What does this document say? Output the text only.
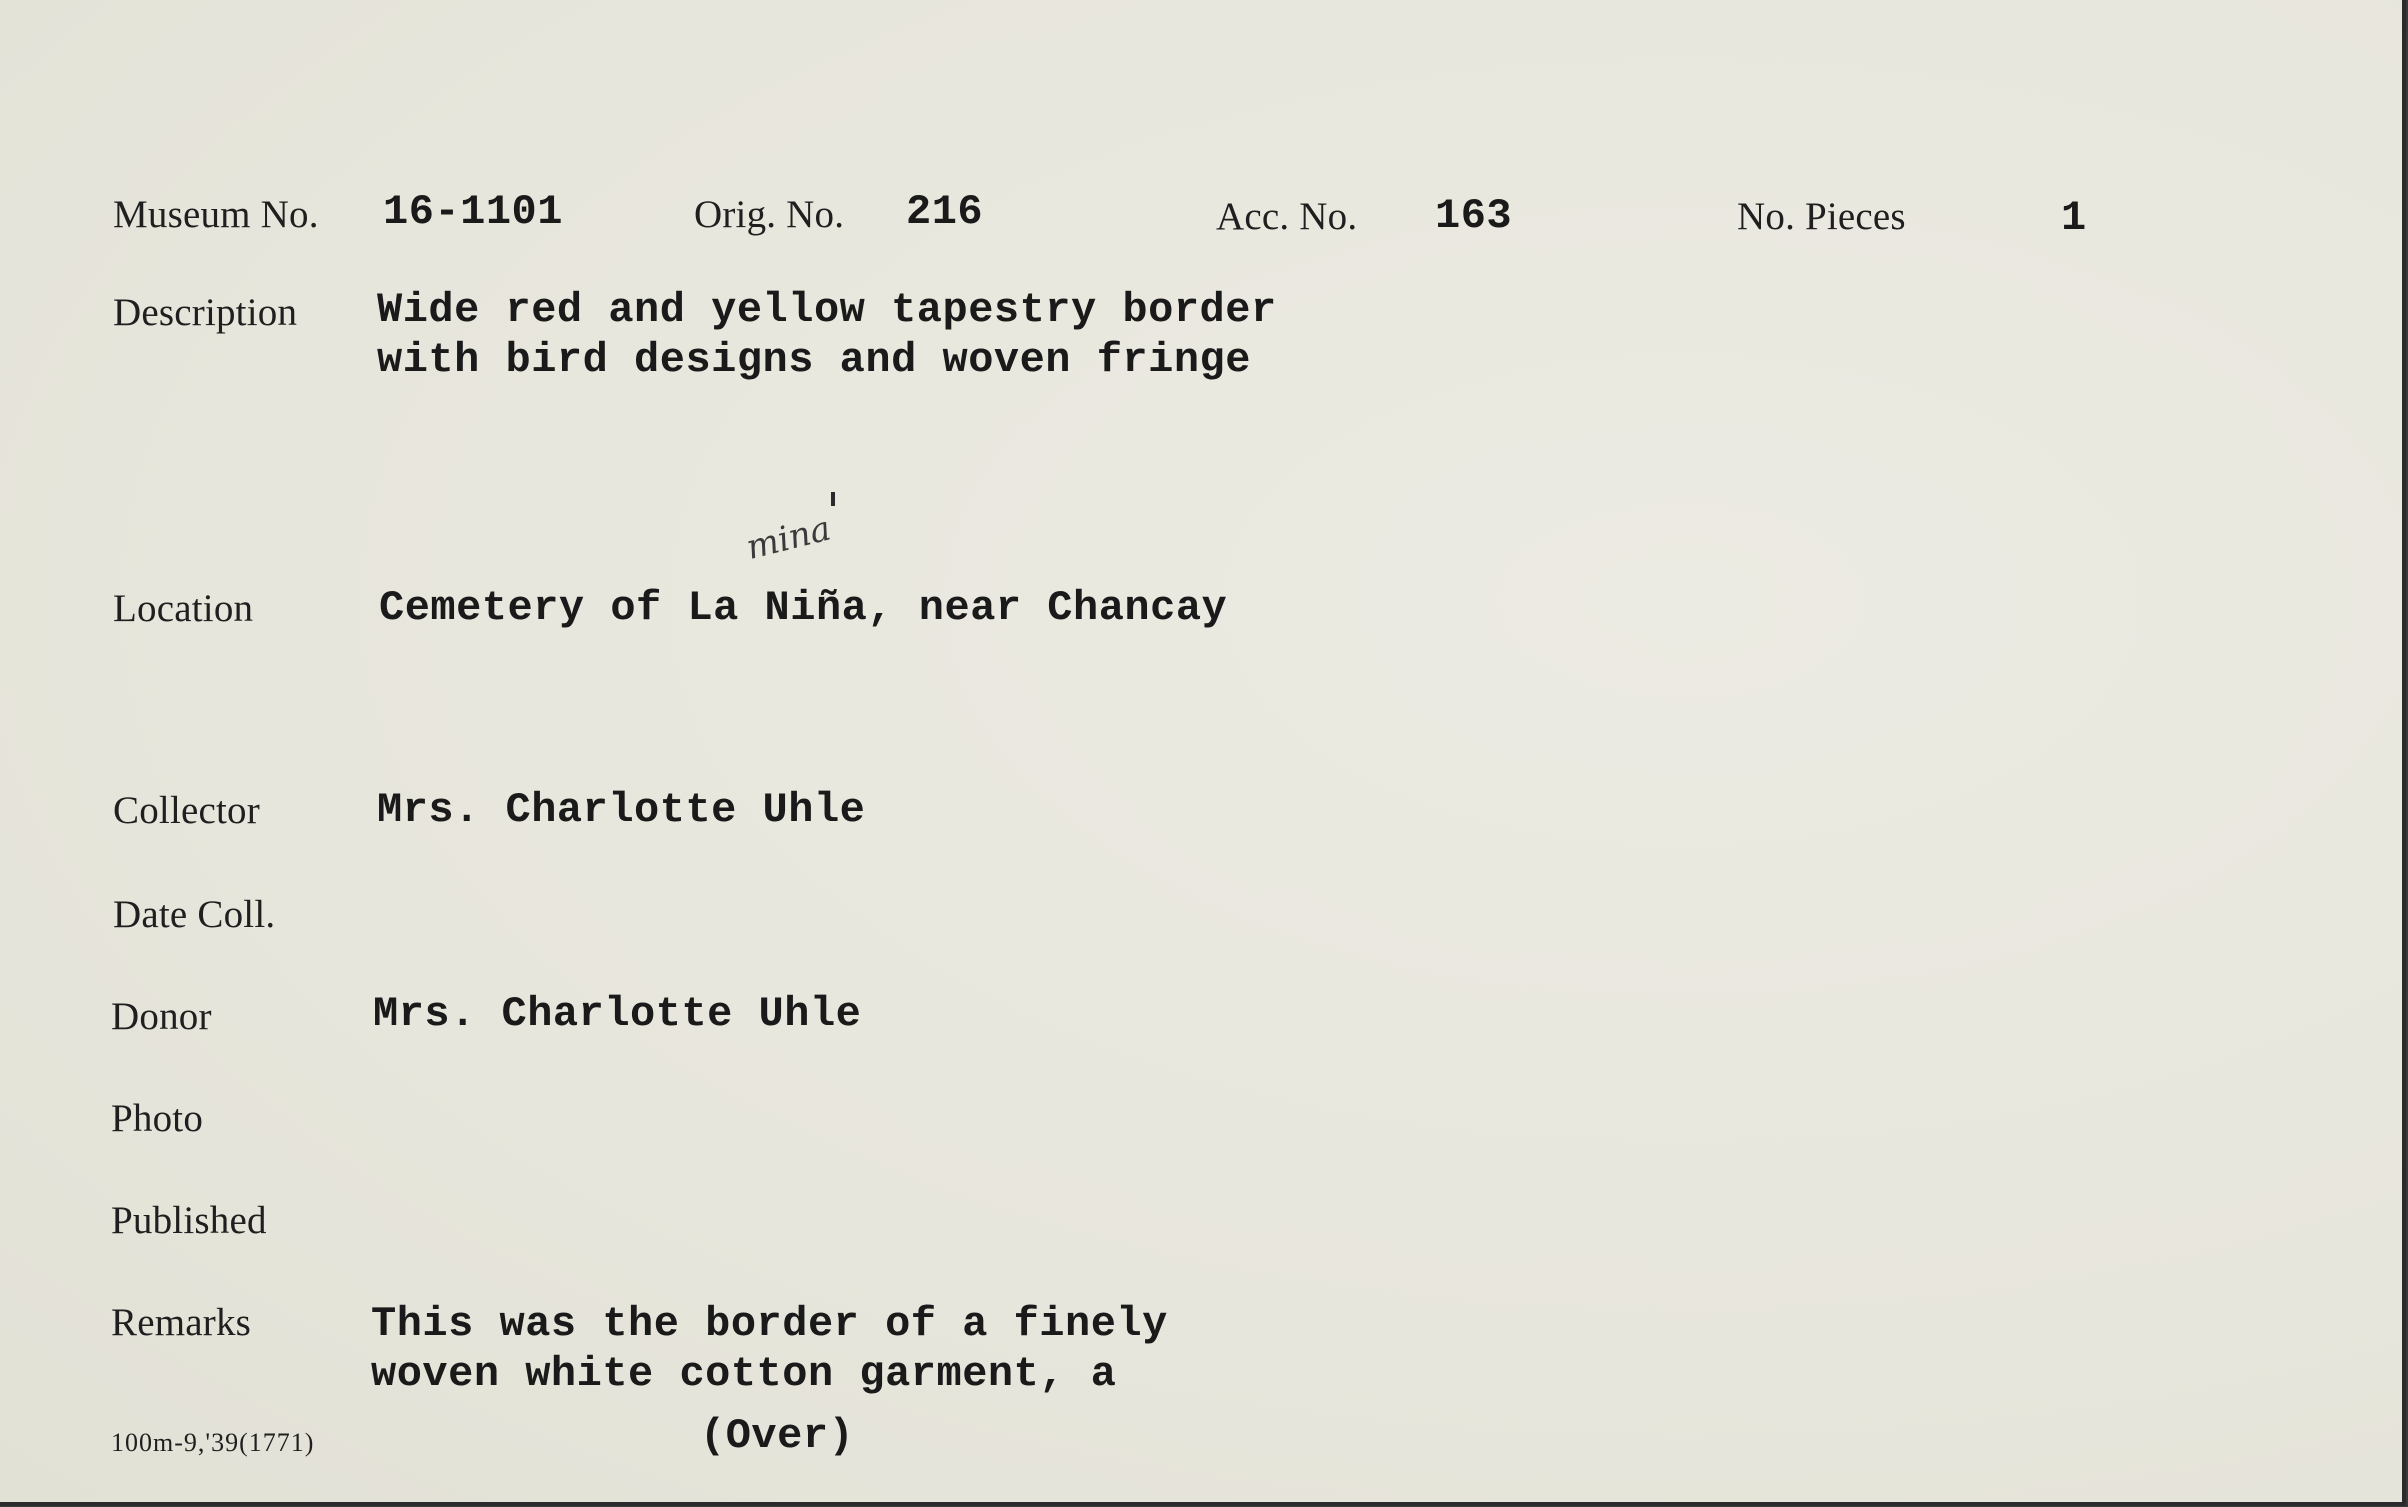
Museum No. 16-1101	Orig. No. 216	Acc. No. 163	No. Pieces	1
Description Wide red and yellow tapestry border
with bird designs and woven fringe
mina
Location	Cemetery of La Niña, near Chancay
Collector	Mrs. Charlotte Uhle
Date Coll.
Donor	Mrs. Charlotte Uhle
Photo
Published
Remarks	This was the border of a finely
woven white cotton garment, a
100m-9,'39(1771)	(Over)
